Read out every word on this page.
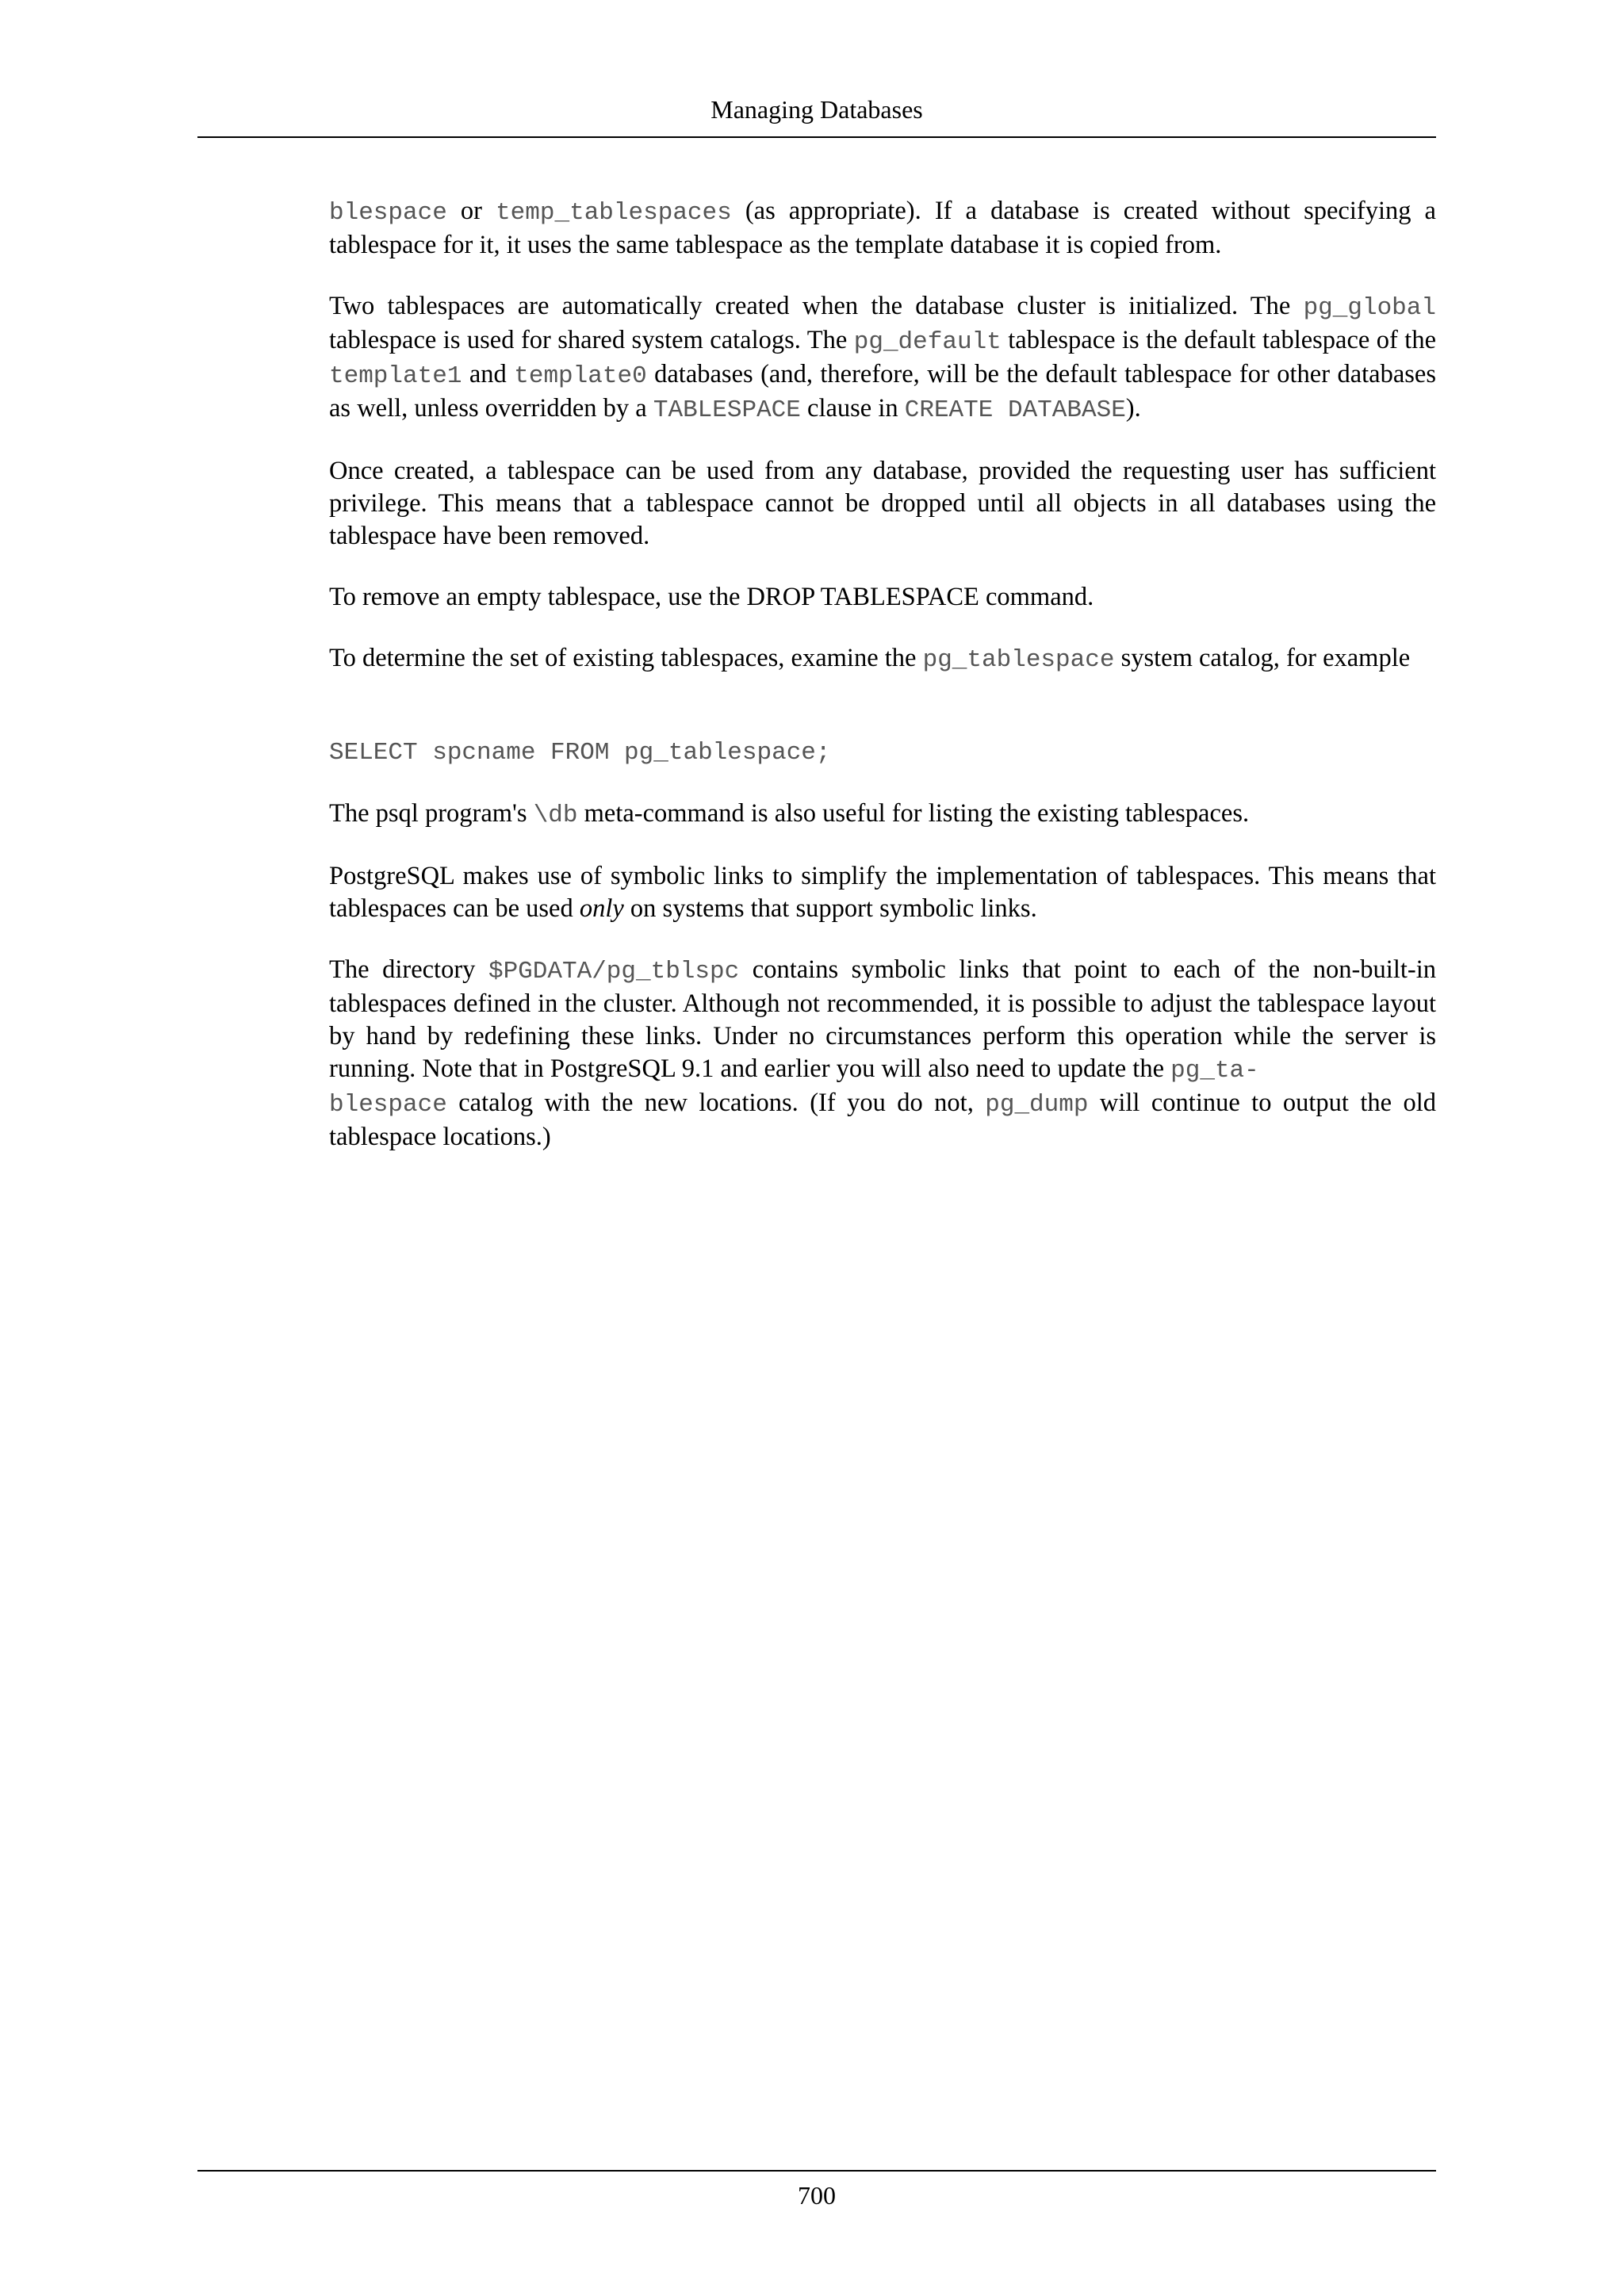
Managing Databases

blespace or temp_tablespaces (as appropriate). If a database is created without specifying a tablespace for it, it uses the same tablespace as the template database it is copied from.

Two tablespaces are automatically created when the database cluster is initialized. The pg_global tablespace is used for shared system catalogs. The pg_default tablespace is the default tablespace of the template1 and template0 databases (and, therefore, will be the default tablespace for other databases as well, unless overridden by a TABLESPACE clause in CREATE DATABASE).

Once created, a tablespace can be used from any database, provided the requesting user has sufficient privilege. This means that a tablespace cannot be dropped until all objects in all databases using the tablespace have been removed.

To remove an empty tablespace, use the DROP TABLESPACE command.

To determine the set of existing tablespaces, examine the pg_tablespace system catalog, for example

SELECT spcname FROM pg_tablespace;

The psql program's \db meta-command is also useful for listing the existing tablespaces.

PostgreSQL makes use of symbolic links to simplify the implementation of tablespaces. This means that tablespaces can be used only on systems that support symbolic links.

The directory $PGDATA/pg_tblspc contains symbolic links that point to each of the non-built-in tablespaces defined in the cluster. Although not recommended, it is possible to adjust the tablespace layout by hand by redefining these links. Under no circumstances perform this operation while the server is running. Note that in PostgreSQL 9.1 and earlier you will also need to update the pg_ta-
blespace catalog with the new locations. (If you do not, pg_dump will continue to output the old tablespace locations.)

700
